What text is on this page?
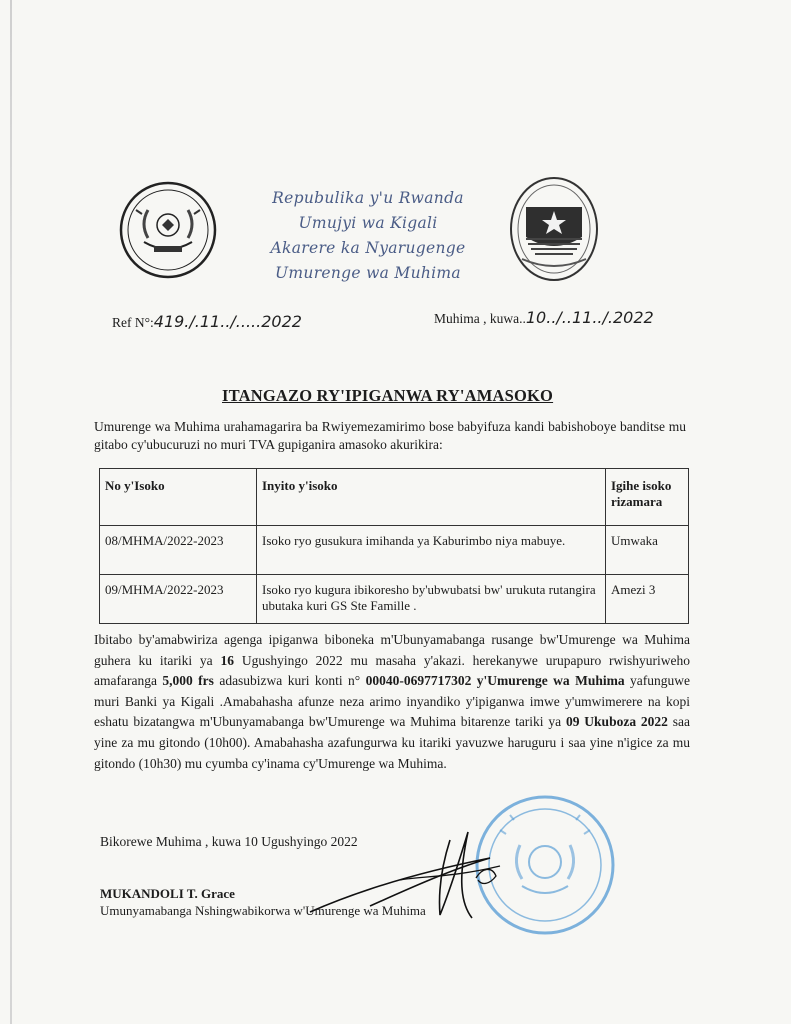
Repubulika y'u Rwanda
Umujyi wa Kigali
Akarere ka Nyarugenge
Umurenge wa Muhima
Ref N°:419./.11../.....2022	Muhima , kuwa..10../..11../.2022
ITANGAZO RY'IPIGANWA RY'AMASOKO
Umurenge wa Muhima urahamagarira ba Rwiyemezamirimo bose babyifuza kandi babishoboye banditse mu gitabo cy'ubucuruzi no muri TVA gupiganira amasoko akurikira:
No y'Isoko	Inyito y'isoko	Igihe isoko rizamara
08/MHMA/2022-2023	Isoko ryo gusukura imihanda ya Kaburimbo niya mabuye.	Umwaka
09/MHMA/2022-2023	Isoko ryo kugura ibikoresho by'ubwubatsi bw' urukuta rutangira ubutaka kuri GS Ste Famille .	Amezi 3
Ibitabo by'amabwiriza agenga ipiganwa biboneka m'Ubunyamabanga rusange bw'Umurenge wa Muhima guhera ku itariki ya 16 Ugushyingo 2022 mu masaha y'akazi. herekanywe urupapuro rwishyuriweho amafaranga 5,000 frs adasubizwa kuri konti n° 00040-0697717302 y'Umurenge wa Muhima yafunguwe muri Banki ya Kigali .Amabahasha afunze neza arimo inyandiko y'ipiganwa imwe y'umwimerere na kopi eshatu bizatangwa m'Ubunyamabanga bw'Umurenge wa Muhima bitarenze tariki ya 09 Ukuboza 2022 saa yine za mu gitondo (10h00). Amabahasha azafungurwa ku itariki yavuzwe haruguru i saa yine n'igice za mu gitondo (10h30) mu cyumba cy'inama cy'Umurenge wa Muhima.
Bikorewe Muhima , kuwa 10 Ugushyingo 2022
MUKANDOLI T. Grace
Umunyamabanga Nshingwabikorwa w'Umurenge wa Muhima
